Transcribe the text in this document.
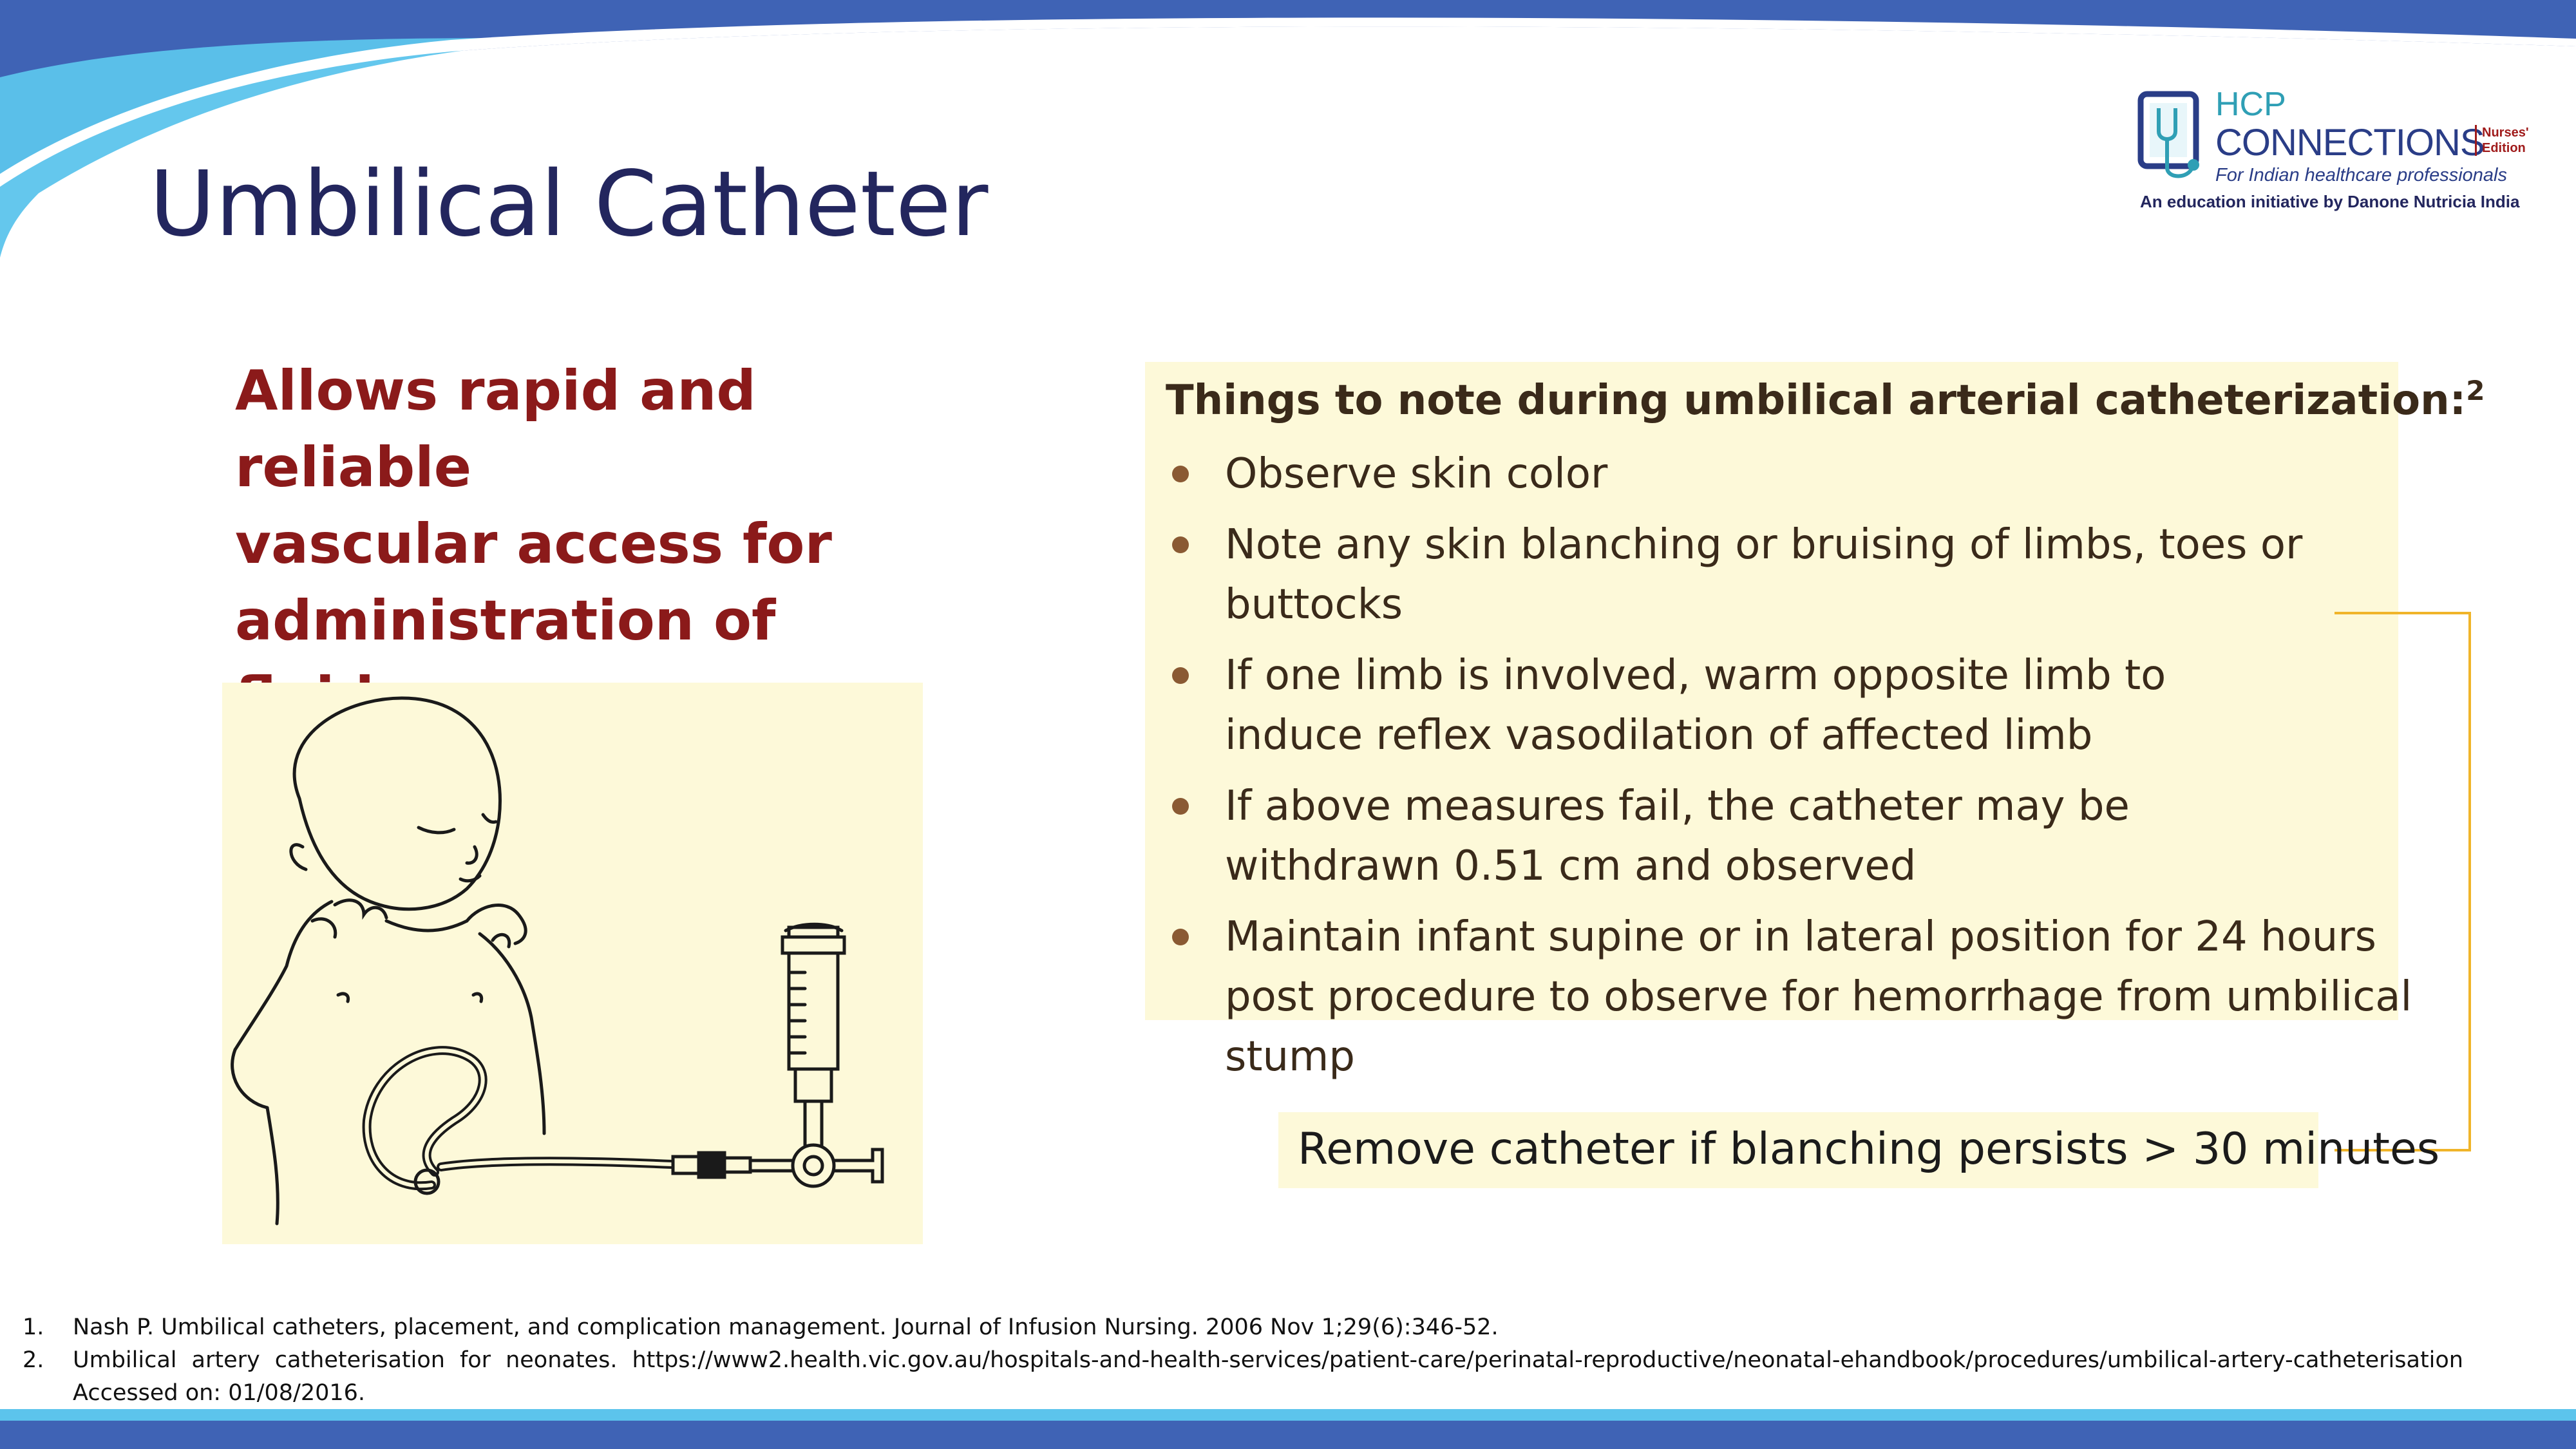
Umbilical Catheter
HCP
CONNECTIONS
Nurses'
Edition
For Indian healthcare professionals
An education initiative by Danone Nutricia India
Allows rapid and reliable
vascular access for
administration of
Things to note during umbilical arterial catheterization:$^2$
Observe skin color
Note any skin blanching or bruising of limbs, toes or buttocks
If one limb is involved, warm opposite limb to induce reflex vasodilation of affected limb
If above measures fail, the catheter may be withdrawn 0.51 cm and observed
Maintain infant supine or in lateral position for 24 hours post procedure to observe for hemorrhage from umbilical stump
Remove catheter if blanching persists > 30 minutes
1. Nash P. Umbilical catheters, placement, and complication management. Journal of Infusion Nursing. 2006 Nov 1;29(6):346-52.
2. Umbilical artery catheterisation for neonates. https://www2.health.vic.gov.au/hospitals-and-health-services/patient-care/perinatal-reproductive/neonatal-ehandbook/procedures/umbilical-artery-catheterisation
Accessed on: 01/08/2016.
